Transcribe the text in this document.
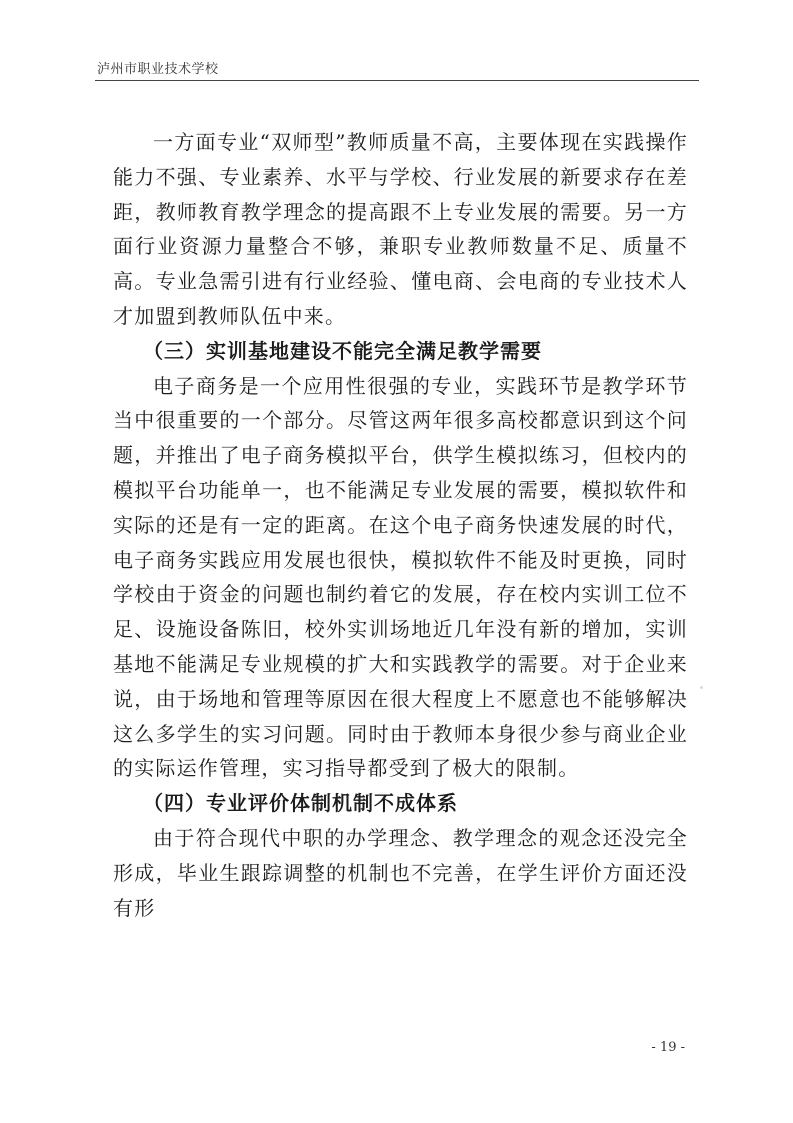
泸州市职业技术学校

一方面专业“双师型”教师质量不高，主要体现在实践操作能力不强、专业素养、水平与学校、行业发展的新要求存在差距，教师教育教学理念的提高跟不上专业发展的需要。另一方面行业资源力量整合不够，兼职专业教师数量不足、质量不高。专业急需引进有行业经验、懂电商、会电商的专业技术人才加盟到教师队伍中来。

（三）实训基地建设不能完全满足教学需要

电子商务是一个应用性很强的专业，实践环节是教学环节当中很重要的一个部分。尽管这两年很多高校都意识到这个问题，并推出了电子商务模拟平台，供学生模拟练习，但校内的模拟平台功能单一，也不能满足专业发展的需要，模拟软件和实际的还是有一定的距离。在这个电子商务快速发展的时代，电子商务实践应用发展也很快，模拟软件不能及时更换，同时学校由于资金的问题也制约着它的发展，存在校内实训工位不足、设施设备陈旧，校外实训场地近几年没有新的增加，实训基地不能满足专业规模的扩大和实践教学的需要。对于企业来说，由于场地和管理等原因在很大程度上不愿意也不能够解决这么多学生的实习问题。同时由于教师本身很少参与商业企业的实际运作管理，实习指导都受到了极大的限制。

（四）专业评价体制机制不成体系

由于符合现代中职的办学理念、教学理念的观念还没完全形成，毕业生跟踪调整的机制也不完善，在学生评价方面还没有形

- 19 -
